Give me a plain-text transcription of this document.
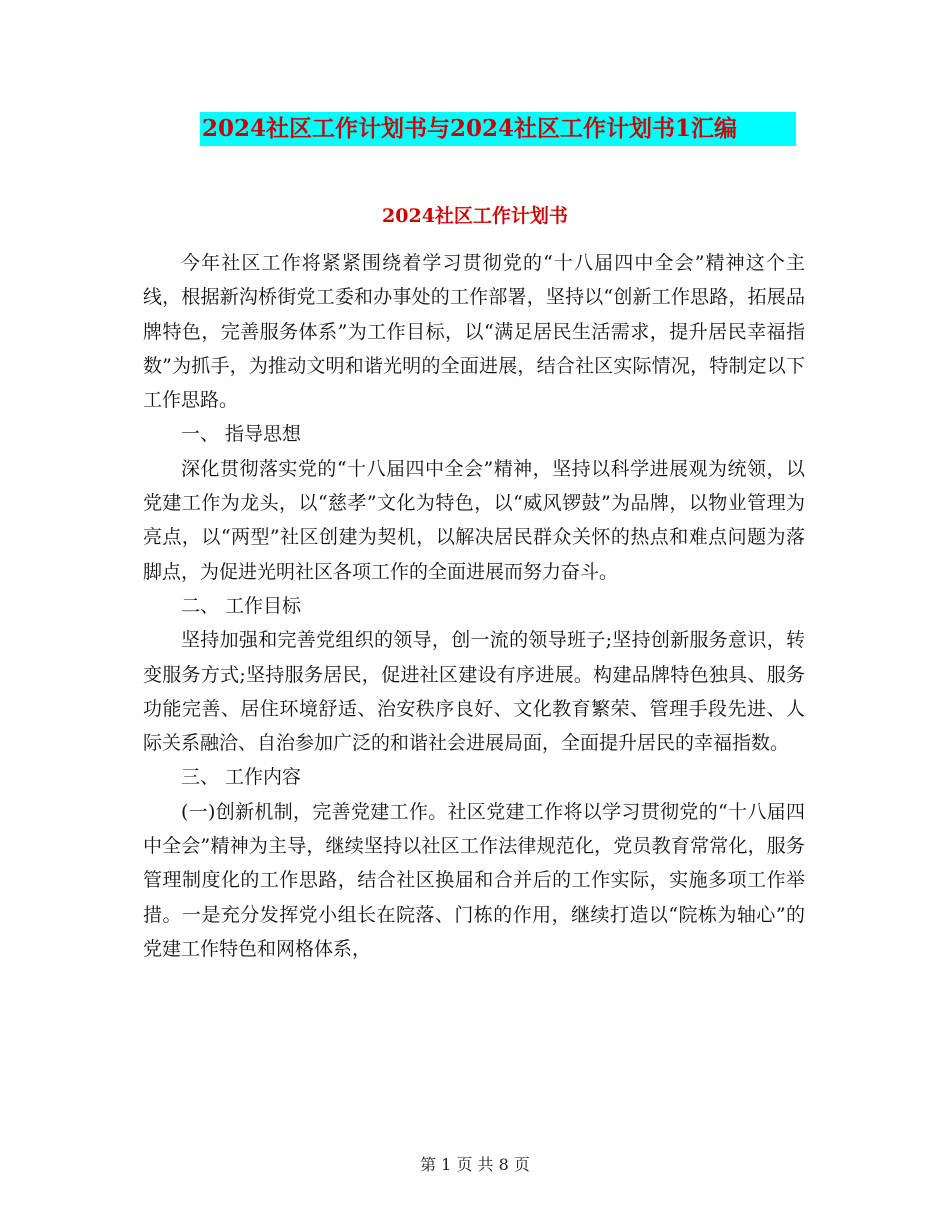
2024社区工作计划书与2024社区工作计划书1汇编
2024社区工作计划书

今年社区工作将紧紧围绕着学习贯彻党的“十八届四中全会”精神这个主线，根据新沟桥街党工委和办事处的工作部署，坚持以“创新工作思路，拓展品牌特色，完善服务体系”为工作目标，以“满足居民生活需求，提升居民幸福指数”为抓手，为推动文明和谐光明的全面进展，结合社区实际情况，特制定以下工作思路。

一、 指导思想

深化贯彻落实党的“十八届四中全会”精神，坚持以科学进展观为统领，以党建工作为龙头，以“慈孝”文化为特色，以“威风锣鼓”为品牌，以物业管理为亮点，以“两型”社区创建为契机，以解决居民群众关怀的热点和难点问题为落脚点，为促进光明社区各项工作的全面进展而努力奋斗。

二、 工作目标

坚持加强和完善党组织的领导，创一流的领导班子;坚持创新服务意识，转变服务方式;坚持服务居民，促进社区建设有序进展。构建品牌特色独具、服务功能完善、居住环境舒适、治安秩序良好、文化教育繁荣、管理手段先进、人际关系融洽、自治参加广泛的和谐社会进展局面，全面提升居民的幸福指数。

三、 工作内容

(一)创新机制，完善党建工作。社区党建工作将以学习贯彻党的“十八届四中全会”精神为主导，继续坚持以社区工作法律规范化，党员教育常常化，服务管理制度化的工作思路，结合社区换届和合并后的工作实际，实施多项工作举措。一是充分发挥党小组长在院落、门栋的作用，继续打造以“院栋为轴心”的党建工作特色和网格体系，

第 1 页 共 8 页
